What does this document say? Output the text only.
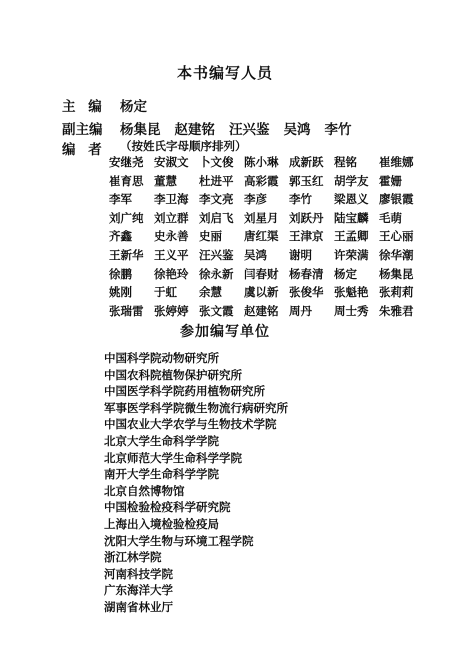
本书编写人员
主 编	杨定
副主编	杨集昆 赵建铭 汪兴鉴 吴鸿 李竹
编 者	（按姓氏字母顺序排列）
安继尧 安淑文 卜文俊 陈小琳 成新跃 程铭	崔维娜
崔育思 董慧	杜进平 高彩霞 郭玉红 胡学友 霍姗
李军	李卫海 李文亮 李彦	李竹	梁恩义 廖银霞
刘广纯 刘立群 刘启飞 刘星月 刘跃丹 陆宝麟 毛萌
齐鑫	史永善 史丽	唐红渠 王津京 王孟卿 王心丽
王新华 王义平 汪兴鉴 吴鸿	谢明	许荣满 徐华潮
徐鹏	徐艳玲 徐永新 闫春财 杨春清 杨定	杨集昆
姚刚	于虹	余慧	虞以新 张俊华 张魁艳 张莉莉
张瑞雷 张婷婷 张文霞 赵建铭 周丹	周士秀 朱雅君
参加编写单位
中国科学院动物研究所
中国农科院植物保护研究所
中国医学科学院药用植物研究所
军事医学科学院微生物流行病研究所
中国农业大学农学与生物技术学院
北京大学生命科学学院
北京师范大学生命科学学院
南开大学生命科学学院
北京自然博物馆
中国检验检疫科学研究院
上海出入境检验检疫局
沈阳大学生物与环境工程学院
浙江林学院
河南科技学院
广东海洋大学
湖南省林业厅
